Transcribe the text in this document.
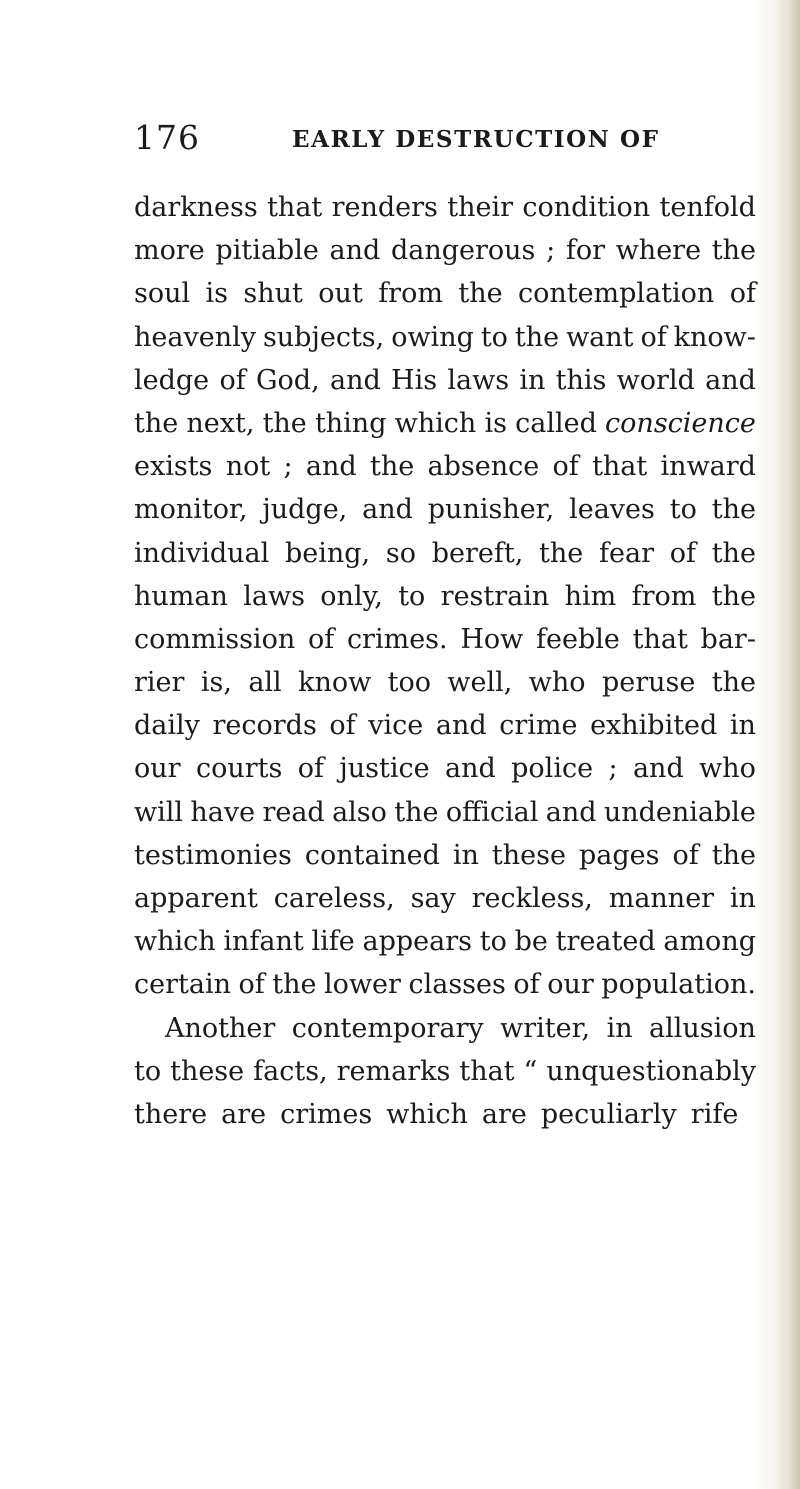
176	EARLY DESTRUCTION OF
darkness that renders their condition tenfold
more pitiable and dangerous ; for where the
soul is shut out from the contemplation of
heavenly subjects, owing to the want of know-
ledge of God, and His laws in this world and
the next, the thing which is called conscience
exists not ; and the absence of that inward
monitor, judge, and punisher, leaves to the
individual being, so bereft, the fear of the
human laws only, to restrain him from the
commission of crimes. How feeble that bar-
rier is, all know too well, who peruse the
daily records of vice and crime exhibited in
our courts of justice and police ; and who
will have read also the official and undeniable
testimonies contained in these pages of the
apparent careless, say reckless, manner in
which infant life appears to be treated among
certain of the lower classes of our population.
Another contemporary writer, in allusion
to these facts, remarks that “ unquestionably
there are crimes which are peculiarly rife
